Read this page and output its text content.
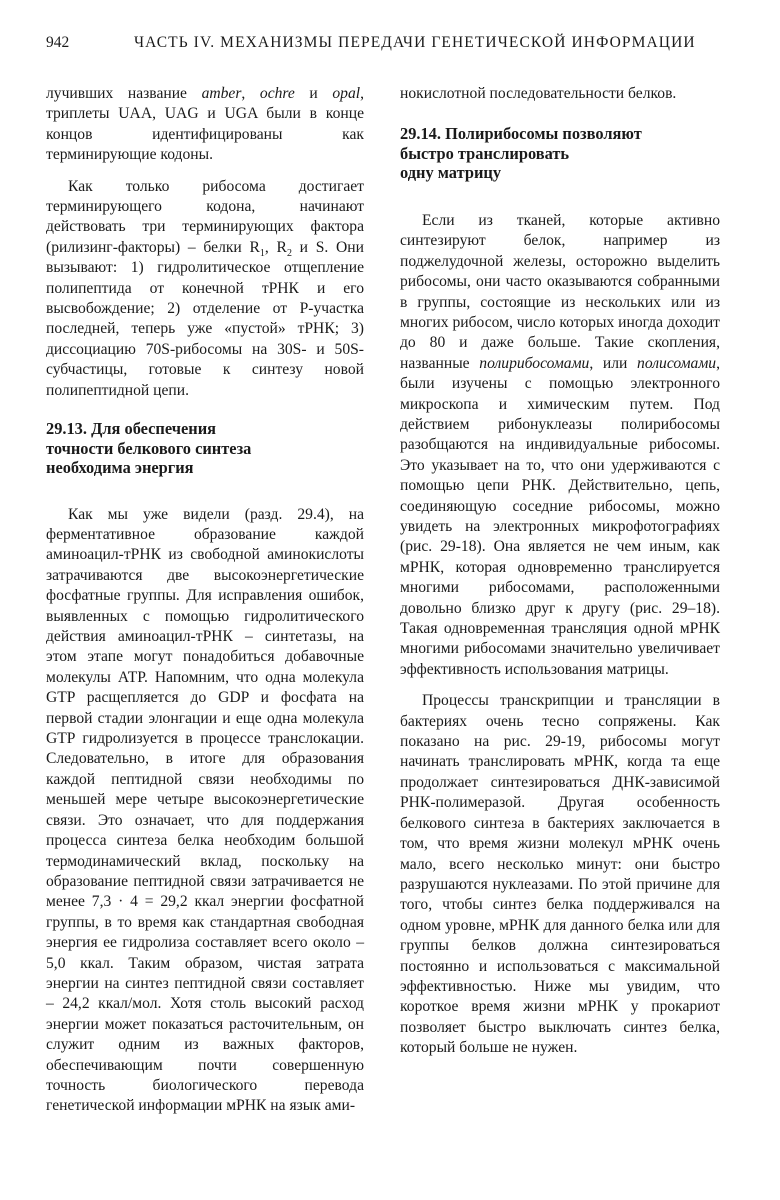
942	ЧАСТЬ IV. МЕХАНИЗМЫ ПЕРЕДАЧИ ГЕНЕТИЧЕСКОЙ ИНФОРМАЦИИ

лучивших название amber, ochre и opal, триплеты UAA, UAG и UGA были в конце концов идентифицированы как терминирующие кодоны.

Как только рибосома достигает терминирующего кодона, начинают действовать три терминирующих фактора (рилизинг-факторы) – белки $R_1$, $R_2$ и S. Они вызывают: 1) гидролитическое отщепление полипептида от конечной тРНК и его высвобождение; 2) отделение от Р-участка последней, теперь уже «пустой» тРНК; 3) диссоциацию 70S-рибосомы на 30S- и 50S-субчастицы, готовые к синтезу новой полипептидной цепи.

29.13. Для обеспечения
точности белкового синтеза
необходима энергия

Как мы уже видели (разд. 29.4), на ферментативное образование каждой аминоацил-тРНК из свободной аминокислоты затрачиваются две высокоэнергетические фосфатные группы. Для исправления ошибок, выявленных с помощью гидролитического действия аминоацил-тРНК – синтетазы, на этом этапе могут понадобиться добавочные молекулы АТР. Напомним, что одна молекула GTP расщепляется до GDP и фосфата на первой стадии элонгации и еще одна молекула GTP гидролизуется в процессе транслокации. Следовательно, в итоге для образования каждой пептидной связи необходимы по меньшей мере четыре высокоэнергетические связи. Это означает, что для поддержания процесса синтеза белка необходим большой термодинамический вклад, поскольку на образование пептидной связи затрачивается не менее 7,3 · 4 = 29,2 ккал энергии фосфатной группы, в то время как стандартная свободная энергия ее гидролиза составляет всего около – 5,0 ккал. Таким образом, чистая затрата энергии на синтез пептидной связи составляет – 24,2 ккал/мол. Хотя столь высокий расход энергии может показаться расточительным, он служит одним из важных факторов, обеспечивающим почти совершенную точность биологического перевода генетической информации мРНК на язык ами-

нокислотной последовательности белков.

29.14. Полирибосомы позволяют
быстро транслировать
одну матрицу

Если из тканей, которые активно синтезируют белок, например из поджелудочной железы, осторожно выделить рибосомы, они часто оказываются собранными в группы, состоящие из нескольких или из многих рибосом, число которых иногда доходит до 80 и даже больше. Такие скопления, названные полирибосомами, или полисомами, были изучены с помощью электронного микроскопа и химическим путем. Под действием рибонуклеазы полирибосомы разобщаются на индивидуальные рибосомы. Это указывает на то, что они удерживаются с помощью цепи РНК. Действительно, цепь, соединяющую соседние рибосомы, можно увидеть на электронных микрофотографиях (рис. 29-18). Она является не чем иным, как мРНК, которая одновременно транслируется многими рибосомами, расположенными довольно близко друг к другу (рис. 29–18). Такая одновременная трансляция одной мРНК многими рибосомами значительно увеличивает эффективность использования матрицы.

Процессы транскрипции и трансляции в бактериях очень тесно сопряжены. Как показано на рис. 29-19, рибосомы могут начинать транслировать мРНК, когда та еще продолжает синтезироваться ДНК-зависимой РНК-полимеразой. Другая особенность белкового синтеза в бактериях заключается в том, что время жизни молекул мРНК очень мало, всего несколько минут: они быстро разрушаются нуклеазами. По этой причине для того, чтобы синтез белка поддерживался на одном уровне, мРНК для данного белка или для группы белков должна синтезироваться постоянно и использоваться с максимальной эффективностью. Ниже мы увидим, что короткое время жизни мРНК у прокариот позволяет быстро выключать синтез белка, который больше не нужен.
